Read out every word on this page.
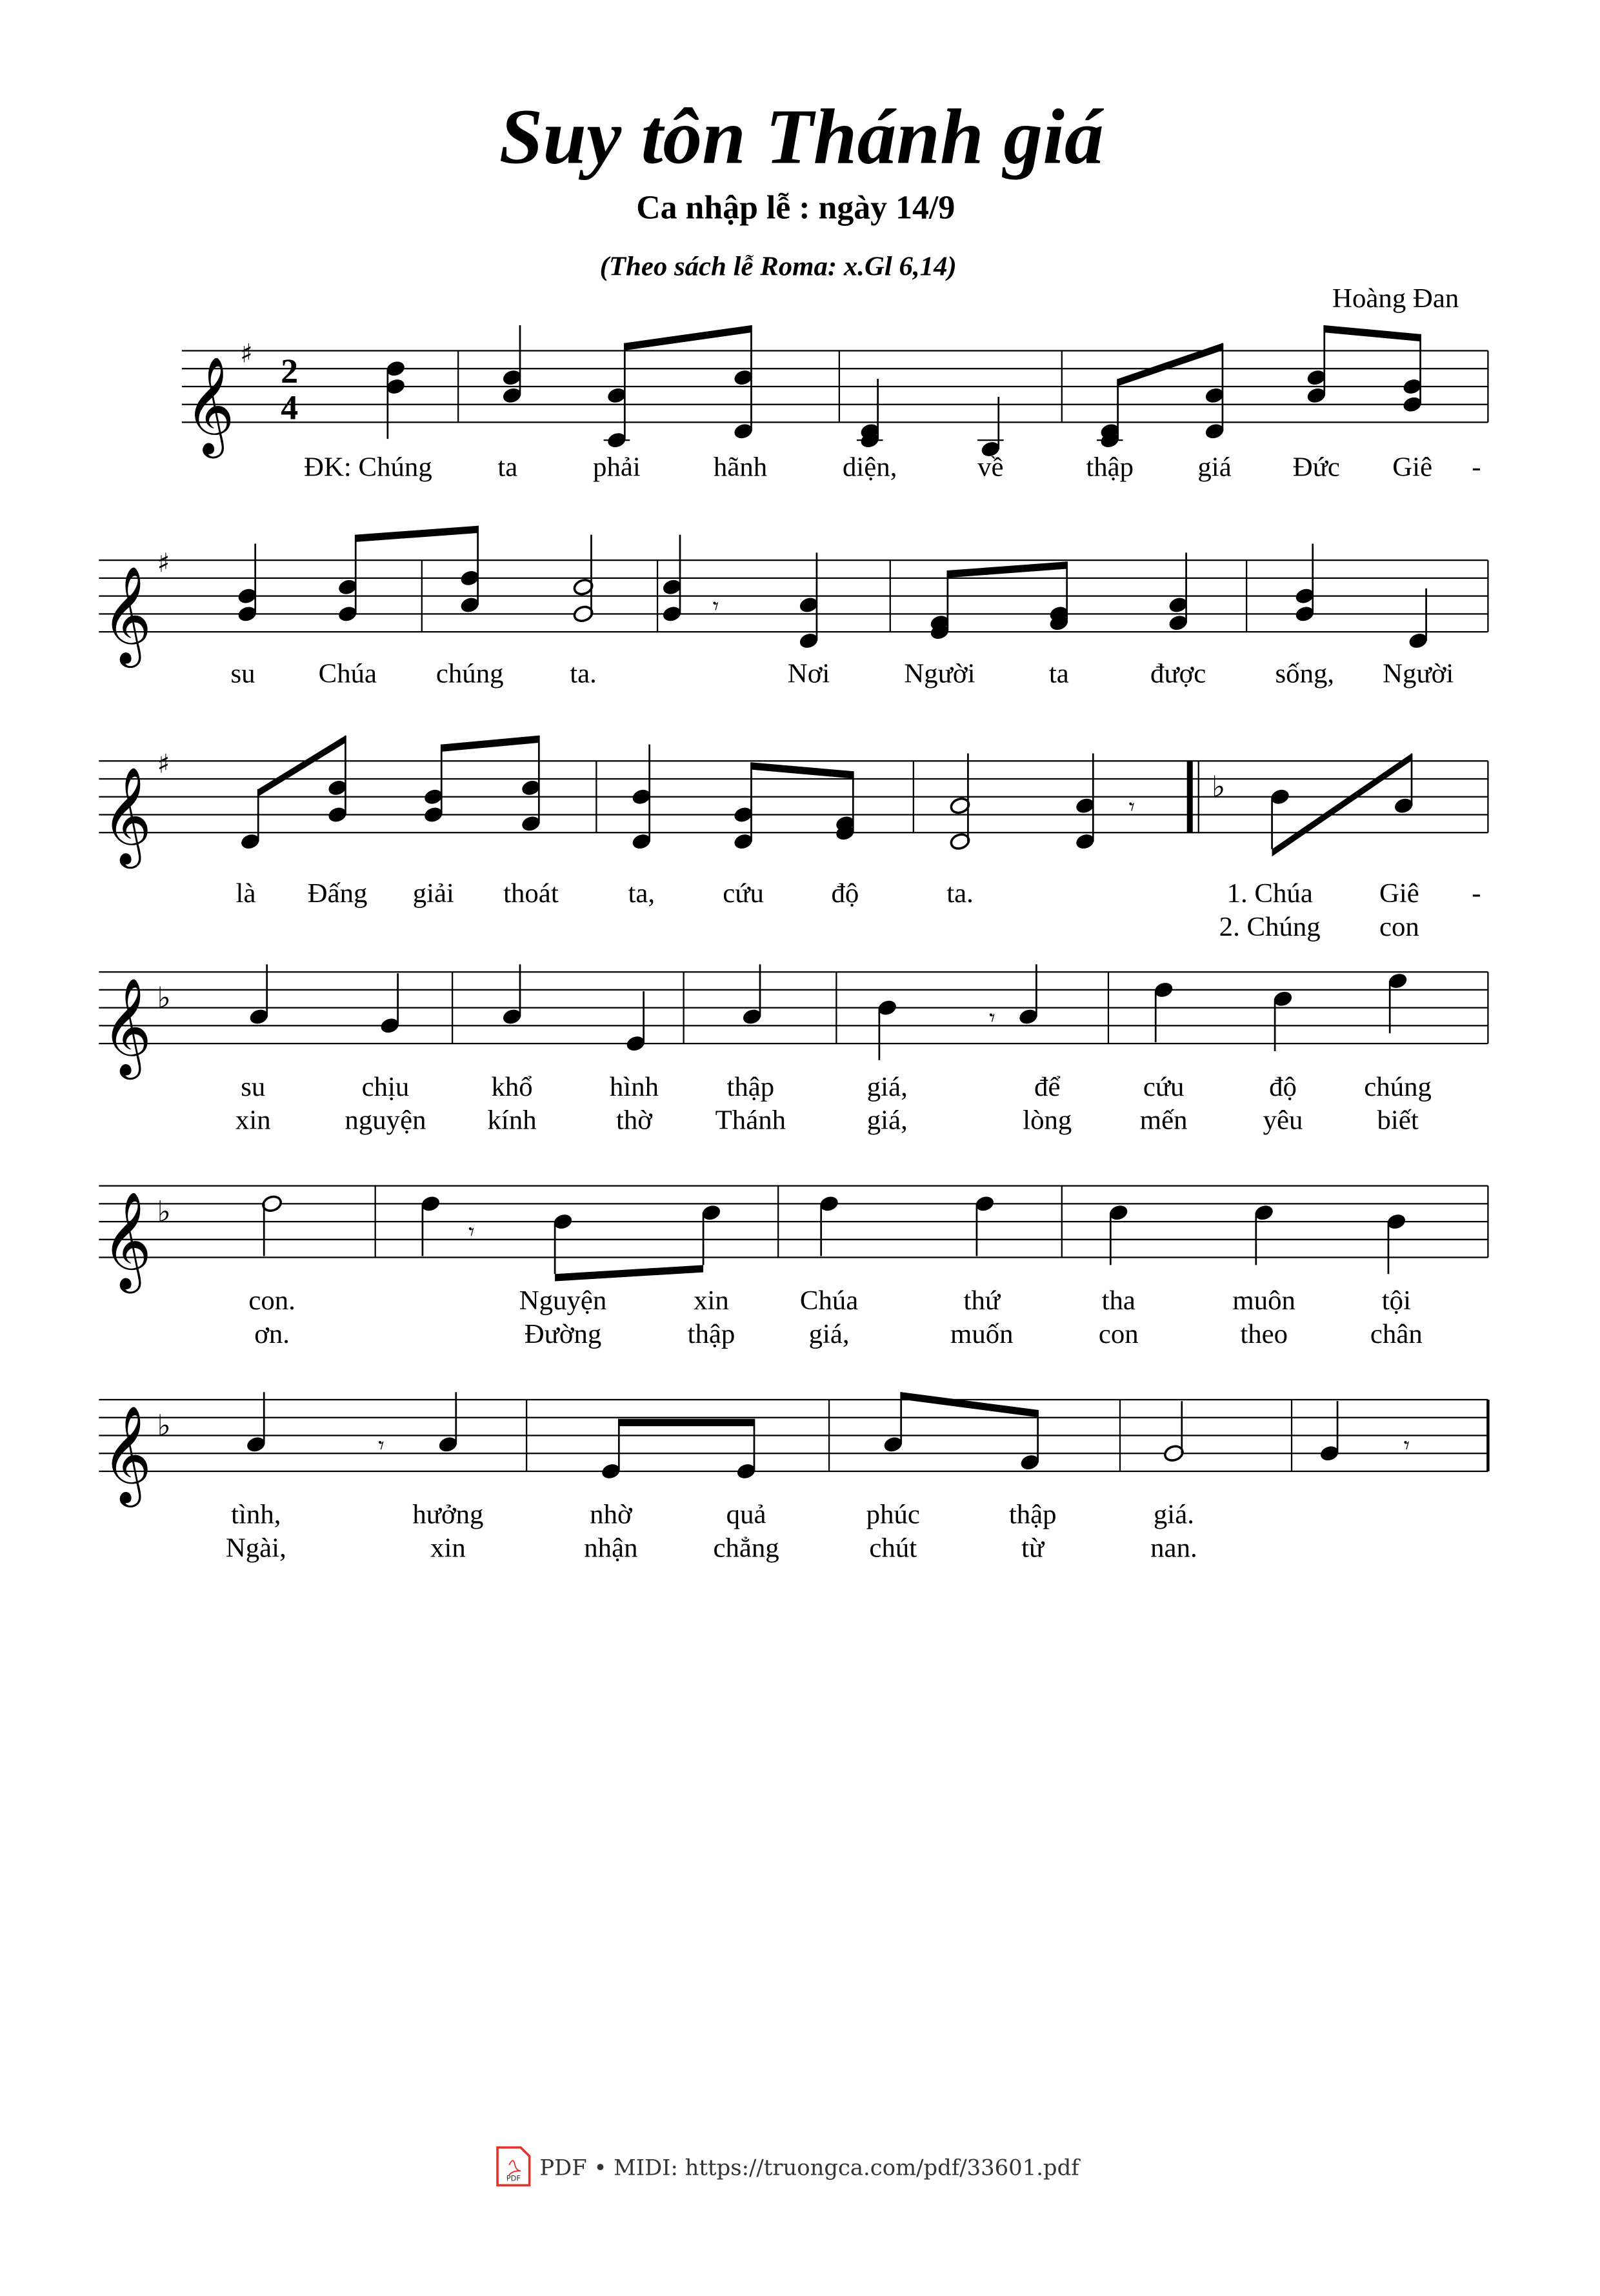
Suy tôn Thánh giá
Ca nhập lễ : ngày 14/9
(Theo sách lễ Roma: x.Gl 6,14)
Hoàng Đan
𝄞
♯ 2
4
𝄞
♯
𝄾
𝄞
♯
♭
𝄾
𝄞 ♭
𝄾
𝄞 ♭
𝄾
𝄞 ♭
𝄾	𝄾
ĐK: Chúng	ta	phải	hãnh	diện,	về	thập	giá	Đức	Giê	-
su	Chúa	chúng	ta.	Nơi	Người	ta	được	sống,	Người
là	Đấng	giải	thoát	ta,	cứu	độ	ta.	1. Chúa	Giê	-
2. Chúng	con
su	chịu	khổ	hình	thập	giá,	để	cứu	độ	chúng
xin	nguyện	kính	thờ	Thánh	giá,	lòng	mến	yêu	biết
con.	Nguyện	xin	Chúa	thứ	tha	muôn	tội
ơn.	Đường	thập	giá,	muốn	con	theo	chân
tình,	hưởng	nhờ	quả	phúc	thập	giá.
Ngài,	xin	nhận	chẳng	chút	từ	nan.
PDF PDF • MIDI: https://truongca.com/pdf/33601.pdf
